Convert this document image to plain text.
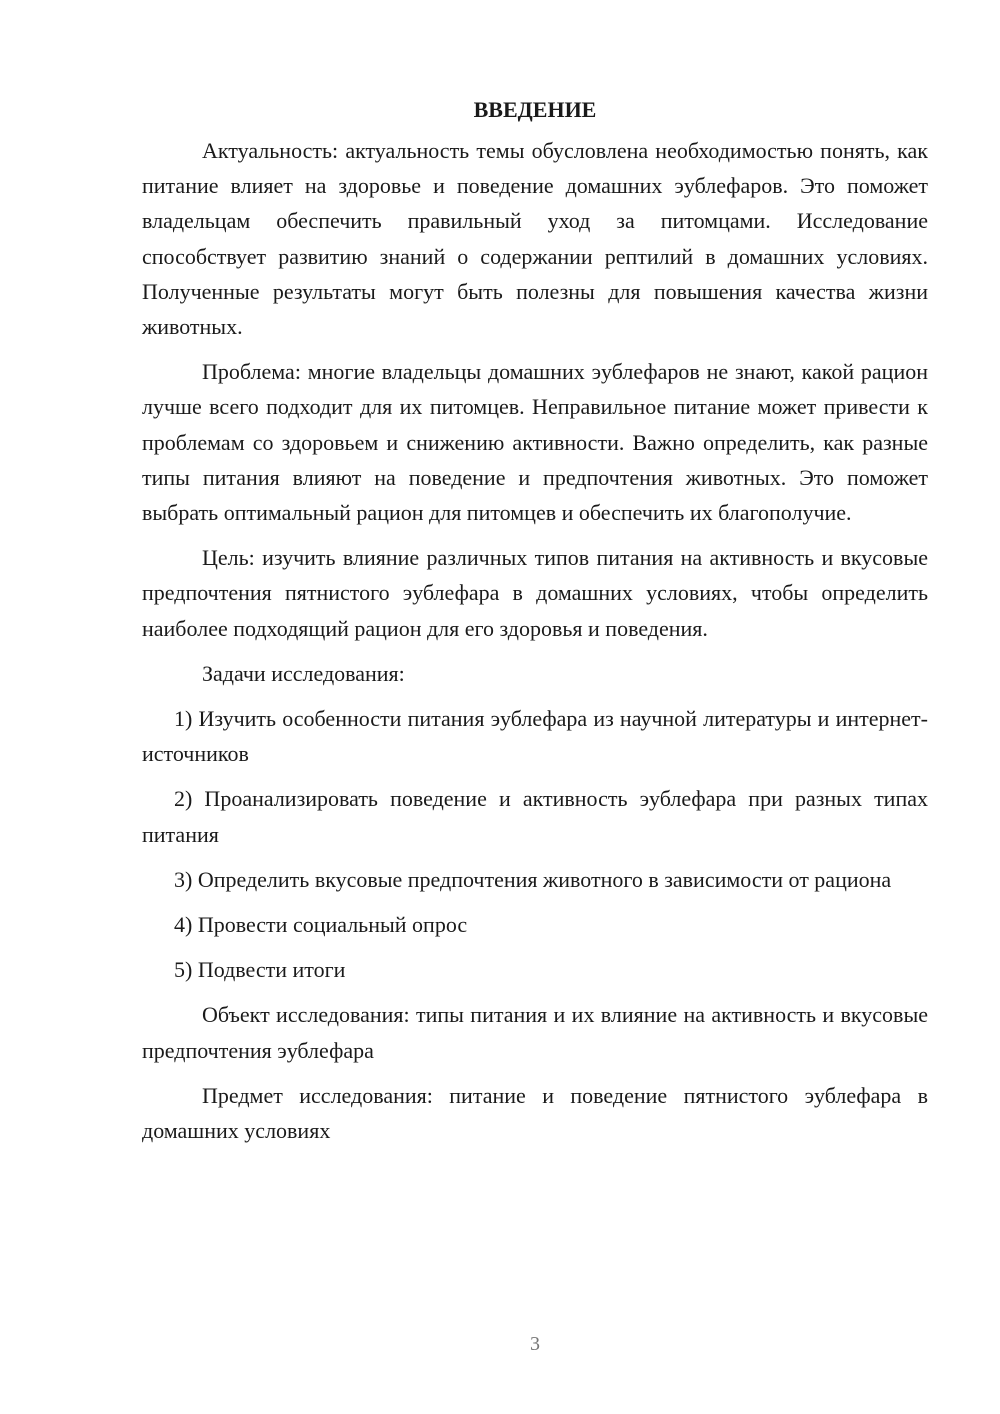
ВВЕДЕНИЕ

Актуальность: актуальность темы обусловлена необходимостью понять, как питание влияет на здоровье и поведение домашних эублефаров. Это поможет владельцам обеспечить правильный уход за питомцами. Исследование способствует развитию знаний о содержании рептилий в домашних условиях. Полученные результаты могут быть полезны для повышения качества жизни животных.

Проблема: многие владельцы домашних эублефаров не знают, какой рацион лучше всего подходит для их питомцев. Неправильное питание может привести к проблемам со здоровьем и снижению активности. Важно определить, как разные типы питания влияют на поведение и предпочтения животных. Это поможет выбрать оптимальный рацион для питомцев и обеспечить их благополучие.

Цель: изучить влияние различных типов питания на активность и вкусовые предпочтения пятнистого эублефара в домашних условиях, чтобы определить наиболее подходящий рацион для его здоровья и поведения.

Задачи исследования:

1) Изучить особенности питания эублефара из научной литературы и интернет-источников

2) Проанализировать поведение и активность эублефара при разных типах питания

3) Определить вкусовые предпочтения животного в зависимости от рациона

4) Провести социальный опрос

5) Подвести итоги

Объект исследования: типы питания и их влияние на активность и вкусовые предпочтения эублефара

Предмет исследования: питание и поведение пятнистого эублефара в домашних условиях

3
